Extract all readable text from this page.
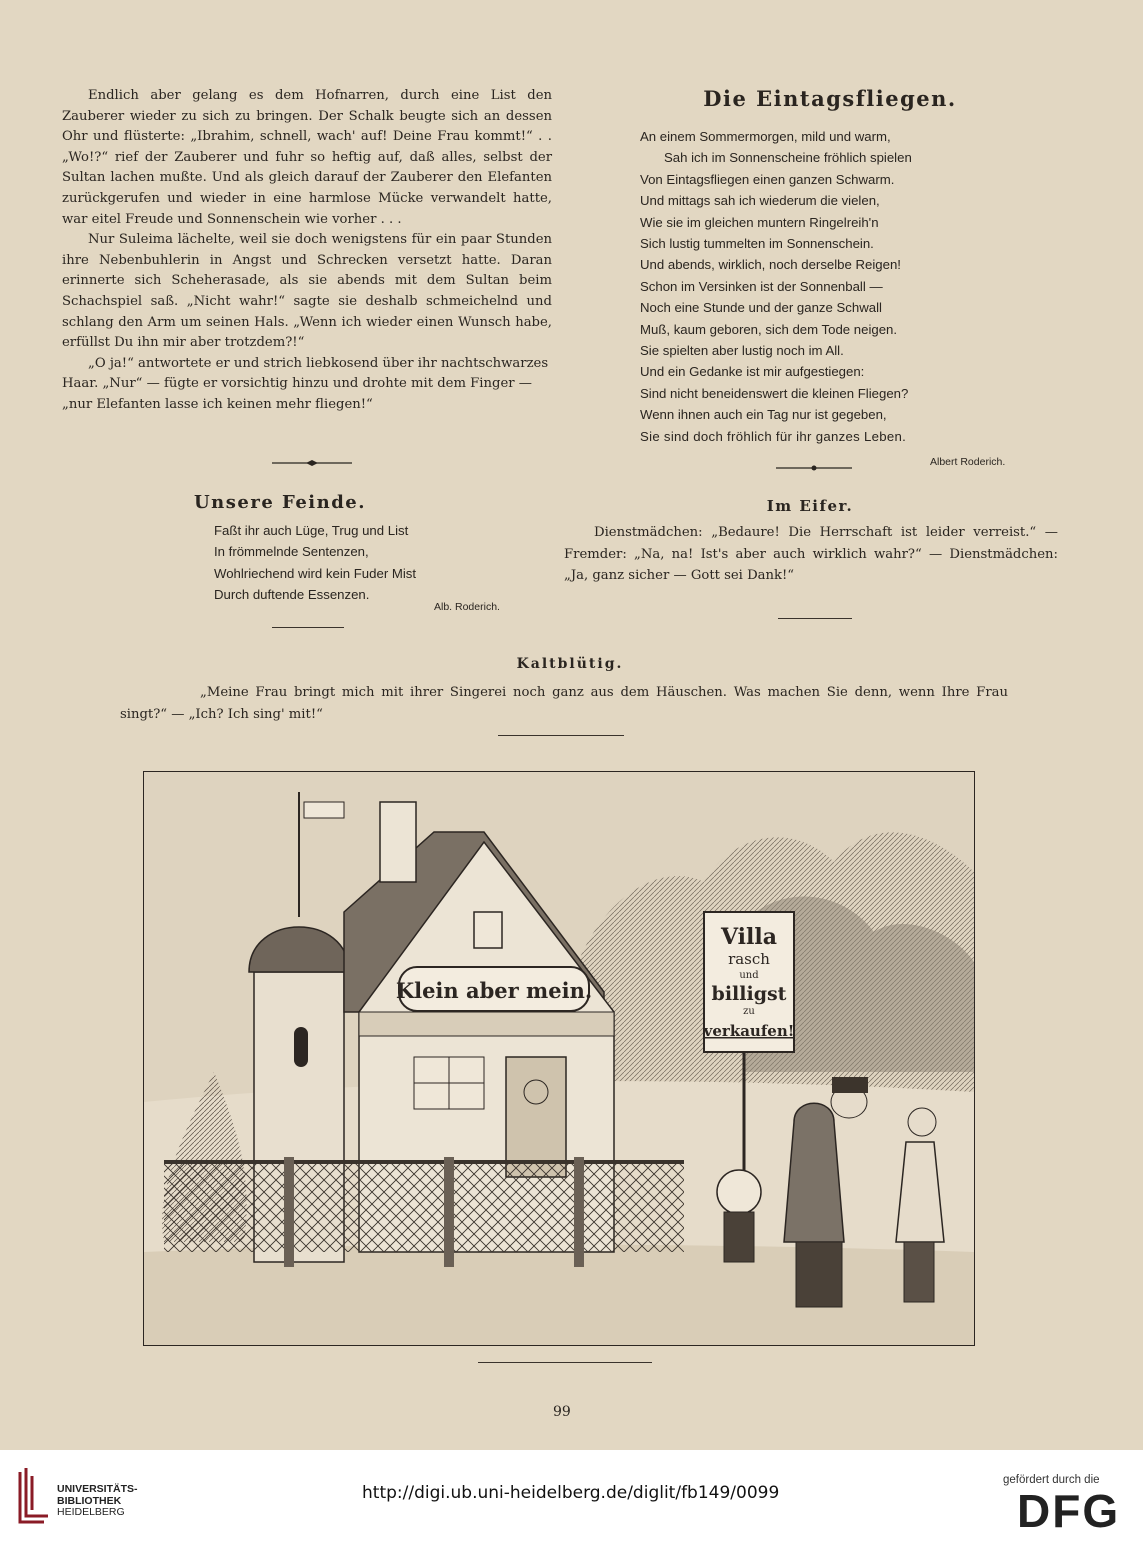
Endlich aber gelang es dem Hofnarren, durch eine List den Zauberer wieder zu sich zu bringen. Der Schalk beugte sich an dessen Ohr und flüsterte: „Ibrahim, schnell, wach' auf! Deine Frau kommt!“ . . „Wo!?“ rief der Zauberer und fuhr so heftig auf, daß alles, selbst der Sultan lachen mußte. Und als gleich darauf der Zauberer den Elefanten zurückgerufen und wieder in eine harmlose Mücke verwandelt hatte, war eitel Freude und Sonnenschein wie vorher . . .

Nur Suleima lächelte, weil sie doch wenigstens für ein paar Stunden ihre Nebenbuhlerin in Angst und Schrecken versetzt hatte. Daran erinnerte sich Scheherasade, als sie abends mit dem Sultan beim Schachspiel saß. „Nicht wahr!“ sagte sie deshalb schmeichelnd und schlang den Arm um seinen Hals. „Wenn ich wieder einen Wunsch habe, erfüllst Du ihn mir aber trotzdem?!“

„O ja!“ antwortete er und strich liebkosend über ihr nachtschwarzes Haar. „Nur“ — fügte er vorsichtig hinzu und drohte mit dem Finger — „nur Elefanten lasse ich keinen mehr fliegen!“

Die Eintagsfliegen.
An einem Sommermorgen, mild und warm,
Sah ich im Sonnenscheine fröhlich spielen
Von Eintagsfliegen einen ganzen Schwarm.
Und mittags sah ich wiederum die vielen,
Wie sie im gleichen muntern Ringelreih'n
Sich lustig tummelten im Sonnenschein.
Und abends, wirklich, noch derselbe Reigen!
Schon im Versinken ist der Sonnenball —
Noch eine Stunde und der ganze Schwall
Muß, kaum geboren, sich dem Tode neigen.
Sie spielten aber lustig noch im All.
Und ein Gedanke ist mir aufgestiegen:
Sind nicht beneidenswert die kleinen Fliegen?
Wenn ihnen auch ein Tag nur ist gegeben,
Sie sind doch fröhlich für ihr ganzes Leben.
Albert Roderich.
Unsere Feinde.
Faßt ihr auch Lüge, Trug und List
In frömmelnde Sentenzen,
Wohlriechend wird kein Fuder Mist
Durch duftende Essenzen.
Alb. Roderich.
Im Eifer.
Dienstmädchen: „Bedaure! Die Herrschaft ist leider verreist.“ — Fremder: „Na, na! Ist's aber auch wirklich wahr?“ — Dienstmädchen: „Ja, ganz sicher — Gott sei Dank!“
Kaltblütig.
„Meine Frau bringt mich mit ihrer Singerei noch ganz aus dem Häuschen. Was machen Sie denn, wenn Ihre Frau singt?“ — „Ich? Ich sing' mit!“
Klein aber mein.
Villa
rasch
und
billigst
zu
verkaufen!
99
UNIVERSITÄTS-
BIBLIOTHEK
HEIDELBERG
http://digi.ub.uni-heidelberg.de/diglit/fb149/0099
gefördert durch die
DFG
